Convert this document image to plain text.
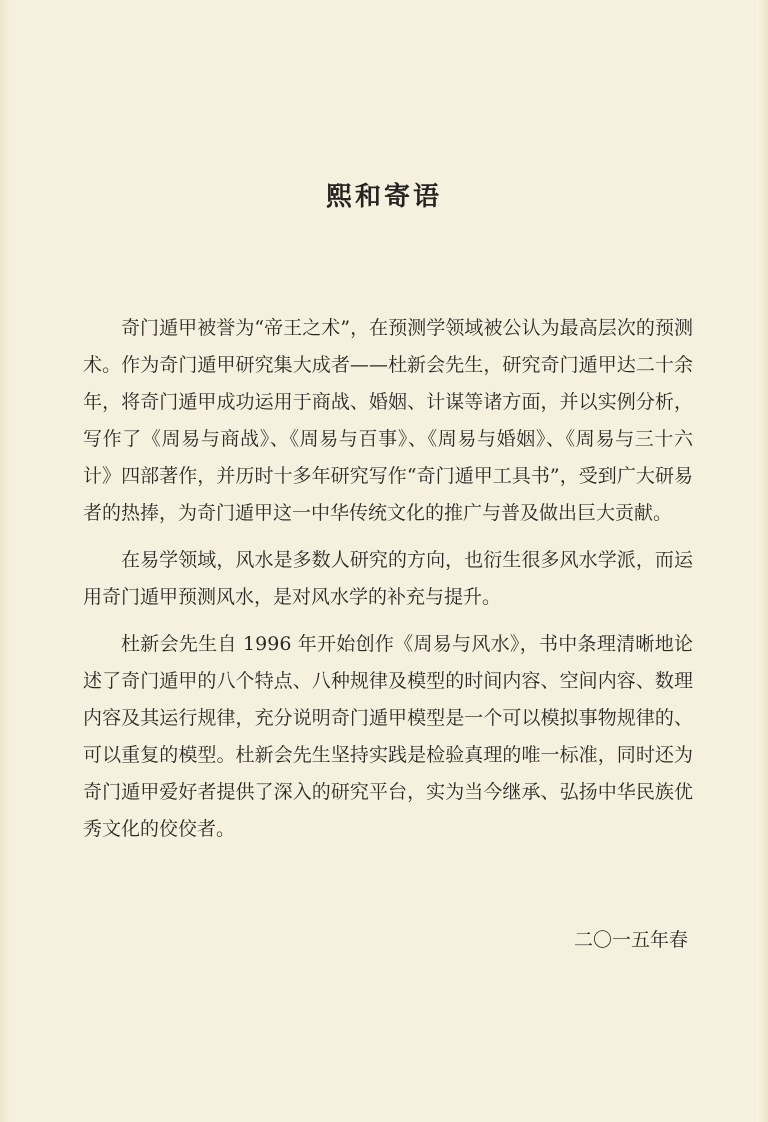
熙和寄语

奇门遁甲被誉为“帝王之术”，在预测学领域被公认为最高层次的预测术。作为奇门遁甲研究集大成者——杜新会先生，研究奇门遁甲达二十余年，将奇门遁甲成功运用于商战、婚姻、计谋等诸方面，并以实例分析，写作了《周易与商战》、《周易与百事》、《周易与婚姻》、《周易与三十六计》四部著作，并历时十多年研究写作“奇门遁甲工具书”，受到广大研易者的热捧，为奇门遁甲这一中华传统文化的推广与普及做出巨大贡献。

在易学领域，风水是多数人研究的方向，也衍生很多风水学派，而运用奇门遁甲预测风水，是对风水学的补充与提升。

杜新会先生自 1996 年开始创作《周易与风水》，书中条理清晰地论述了奇门遁甲的八个特点、八种规律及模型的时间内容、空间内容、数理内容及其运行规律，充分说明奇门遁甲模型是一个可以模拟事物规律的、可以重复的模型。杜新会先生坚持实践是检验真理的唯一标准，同时还为奇门遁甲爱好者提供了深入的研究平台，实为当今继承、弘扬中华民族优秀文化的佼佼者。

二〇一五年春
